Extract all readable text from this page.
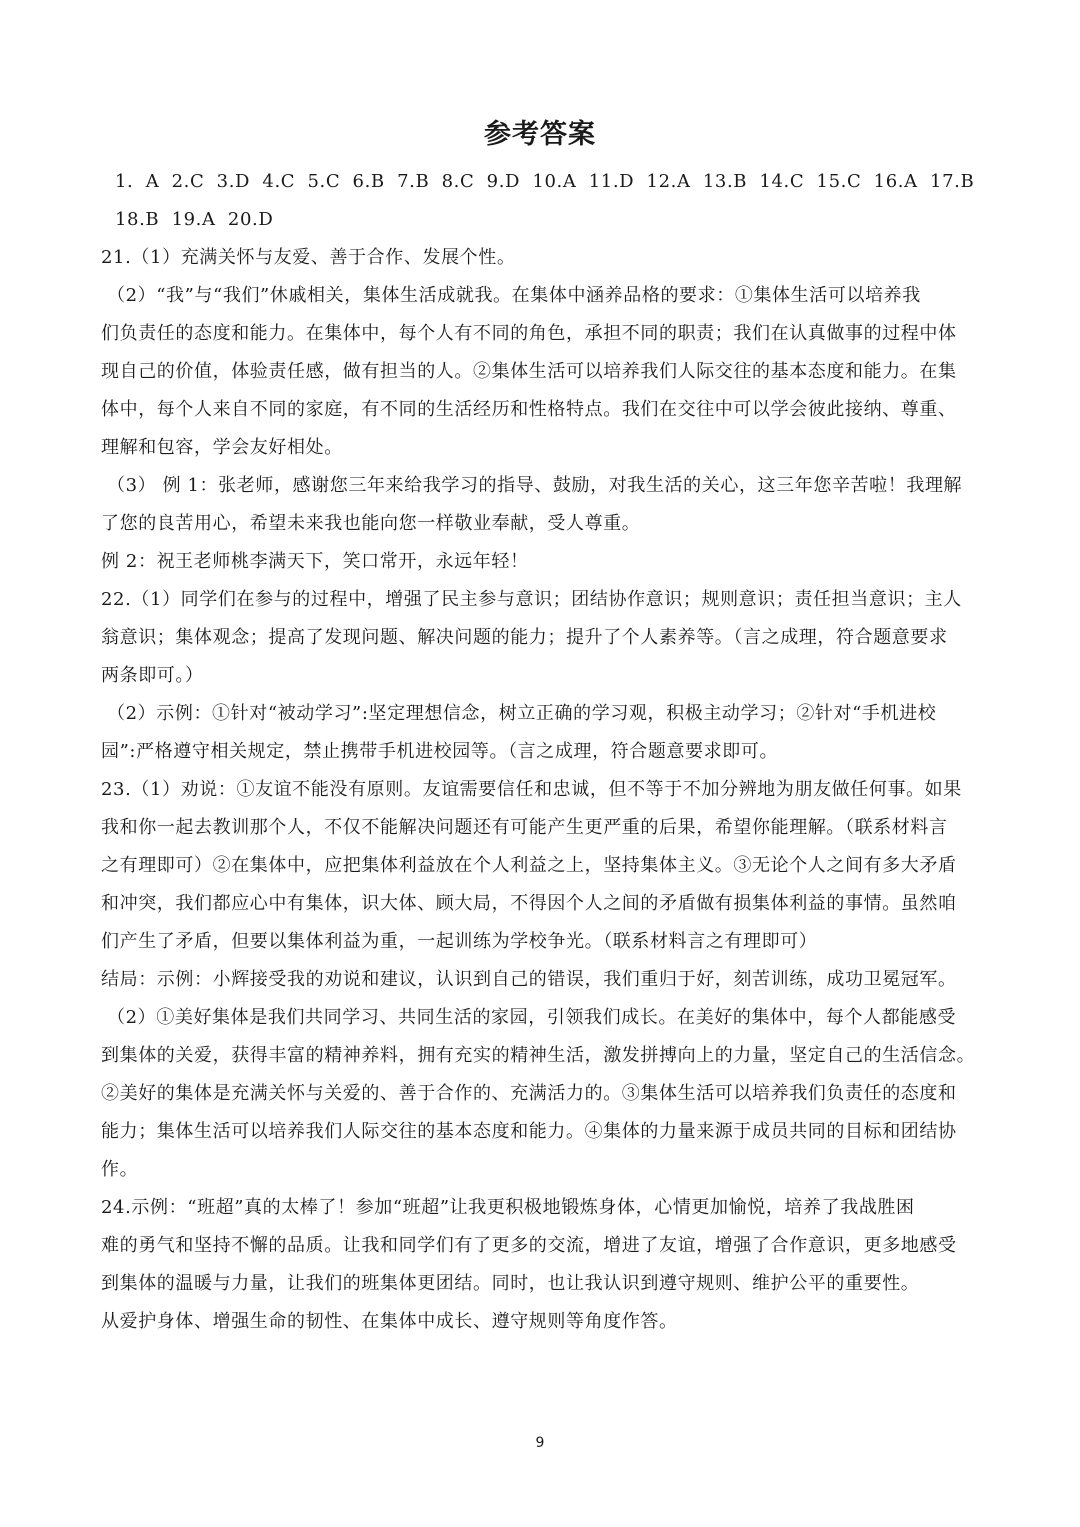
参考答案
1. A 2.C 3.D 4.C 5.C 6.B 7.B 8.C 9.D 10.A 11.D 12.A 13.B 14.C 15.C 16.A 17.B
18.B 19.A 20.D
21.（1）充满关怀与友爱、善于合作、发展个性。
（2）“我”与“我们”休戚相关，集体生活成就我。在集体中涵养品格的要求：①集体生活可以培养我
们负责任的态度和能力。在集体中，每个人有不同的角色，承担不同的职责；我们在认真做事的过程中体
现自己的价值，体验责任感，做有担当的人。②集体生活可以培养我们人际交往的基本态度和能力。在集
体中，每个人来自不同的家庭，有不同的生活经历和性格特点。我们在交往中可以学会彼此接纳、尊重、
理解和包容，学会友好相处。
（3） 例 1：张老师，感谢您三年来给我学习的指导、鼓励，对我生活的关心，这三年您辛苦啦！我理解
了您的良苦用心，希望未来我也能向您一样敬业奉献，受人尊重。
例 2：祝王老师桃李满天下，笑口常开，永远年轻！
22.（1）同学们在参与的过程中，增强了民主参与意识；团结协作意识；规则意识；责任担当意识；主人
翁意识；集体观念；提高了发现问题、解决问题的能力；提升了个人素养等。（言之成理，符合题意要求
两条即可。）
（2）示例：①针对“被动学习”:坚定理想信念，树立正确的学习观，积极主动学习；②针对“手机进校
园”:严格遵守相关规定，禁止携带手机进校园等。（言之成理，符合题意要求即可。
23.（1）劝说：①友谊不能没有原则。友谊需要信任和忠诚，但不等于不加分辨地为朋友做任何事。如果
我和你一起去教训那个人，不仅不能解决问题还有可能产生更严重的后果，希望你能理解。（联系材料言
之有理即可）②在集体中，应把集体利益放在个人利益之上，坚持集体主义。③无论个人之间有多大矛盾
和冲突，我们都应心中有集体，识大体、顾大局，不得因个人之间的矛盾做有损集体利益的事情。虽然咱
们产生了矛盾，但要以集体利益为重，一起训练为学校争光。（联系材料言之有理即可）
结局：示例：小辉接受我的劝说和建议，认识到自己的错误，我们重归于好，刻苦训练，成功卫冕冠军。
（2）①美好集体是我们共同学习、共同生活的家园，引领我们成长。在美好的集体中，每个人都能感受
到集体的关爱，获得丰富的精神养料，拥有充实的精神生活，激发拼搏向上的力量，坚定自己的生活信念。
②美好的集体是充满关怀与关爱的、善于合作的、充满活力的。③集体生活可以培养我们负责任的态度和
能力；集体生活可以培养我们人际交往的基本态度和能力。④集体的力量来源于成员共同的目标和团结协
作。
24.示例：“班超”真的太棒了！参加“班超”让我更积极地锻炼身体，心情更加愉悦，培养了我战胜困
难的勇气和坚持不懈的品质。让我和同学们有了更多的交流，增进了友谊，增强了合作意识，更多地感受
到集体的温暖与力量，让我们的班集体更团结。同时，也让我认识到遵守规则、维护公平的重要性。
从爱护身体、增强生命的韧性、在集体中成长、遵守规则等角度作答。
9
